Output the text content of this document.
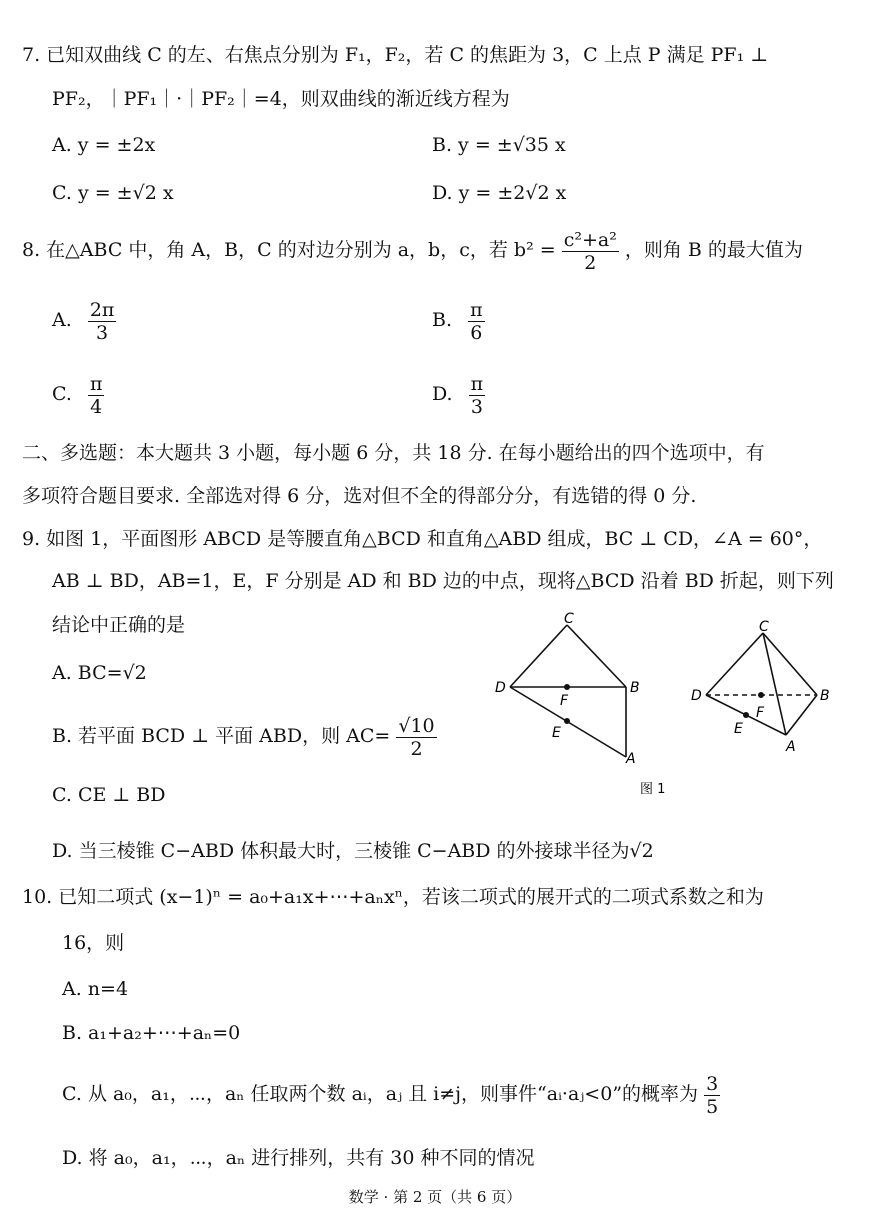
7. 已知双曲线 C 的左、右焦点分别为 F₁，F₂，若 C 的焦距为 3，C 上点 P 满足 PF₁ ⊥
PF₂，｜PF₁｜·｜PF₂｜=4，则双曲线的渐近线方程为
A. y = ±2x	B. y = ±√35 x
C. y = ±√2 x	D. y = ±2√2 x
8. 在△ABC 中，角 A，B，C 的对边分别为 a，b，c，若 $b^2 = \frac{\text{c²+a²}}{2}$ ，则角 B 的最大值为
A. $\frac{2\pi}{3}$	B. $\frac{\pi}{6}$
C. $\frac{\pi}{4}$	D. $\frac{\pi}{3}$
二、多选题：本大题共 3 小题，每小题 6 分，共 18 分. 在每小题给出的四个选项中，有
多项符合题目要求. 全部选对得 6 分，选对但不全的得部分分，有选错的得 0 分.
9. 如图 1，平面图形 ABCD 是等腰直角△BCD 和直角△ABD 组成，BC ⊥ CD，∠A = 60°，
AB ⊥ BD，AB=1，E，F 分别是 AD 和 BD 边的中点，现将△BCD 沿着 BD 折起，则下列
结论中正确的是
A. BC=√2
B. 若平面 BCD ⊥ 平面 ABD，则 $AC= \frac{√10}{2}$
C. CE ⊥ BD
D. 当三棱锥 C−ABD 体积最大时，三棱锥 C−ABD 的外接球半径为√2
C
D	B
F
E
A
C
D	B
F
E
A
图 1
10. 已知二项式 (x−1)ⁿ = a₀+a₁x+⋯+aₙxⁿ，若该二项式的展开式的二项式系数之和为
16，则
A. n=4
B. a₁+a₂+⋯+aₙ=0
C. 从 a₀，a₁，⋯，aₙ 任取两个数 aᵢ，aⱼ 且 i≠j，则事件“aᵢ·aⱼ<0”的概率为 $\frac{3}{5}$
D. 将 a₀，a₁，⋯，aₙ 进行排列，共有 30 种不同的情况
数学 · 第 2 页（共 6 页）
